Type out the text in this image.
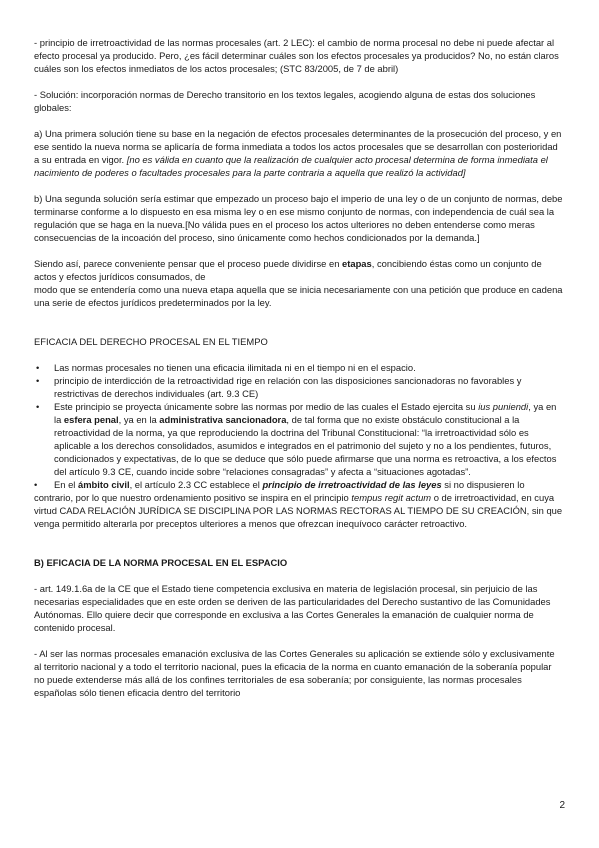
- principio de irretroactividad de las normas procesales (art. 2 LEC): el cambio de norma procesal no debe ni puede afectar al efecto procesal ya producido. Pero, ¿es fácil determinar cuáles son los efectos procesales ya producidos? No, no están claros cuáles son los efectos inmediatos de los actos procesales; (STC 83/2005, de 7 de abril)

- Solución: incorporación normas de Derecho transitorio en los textos legales, acogiendo alguna de estas dos soluciones globales:

a) Una primera solución tiene su base en la negación de efectos procesales determinantes de la prosecución del proceso, y en ese sentido la nueva norma se aplicaría de forma inmediata a todos los actos procesales que se desarrollan con posterioridad a su entrada en vigor. [no es válida en cuanto que la realización de cualquier acto procesal determina de forma inmediata el nacimiento de poderes o facultades procesales para la parte contraria a aquella que realizó la actividad]

b) Una segunda solución sería estimar que empezado un proceso bajo el imperio de una ley o de un conjunto de normas, debe terminarse conforme a lo dispuesto en esa misma ley o en ese mismo conjunto de normas, con independencia de cuál sea la regulación que se haga en la nueva.[No válida pues en el proceso los actos ulteriores no deben entenderse como meras consecuencias de la incoación del proceso, sino únicamente como hechos condicionados por la demanda.]

Siendo así, parece conveniente pensar que el proceso puede dividirse en etapas, concibiendo éstas como un conjunto de actos y efectos jurídicos consumados, de
modo que se entendería como una nueva etapa aquella que se inicia necesariamente con una petición que produce en cadena una serie de efectos jurídicos predeterminados por la ley.

EFICACIA DEL DERECHO PROCESAL EN EL TIEMPO

• Las normas procesales no tienen una eficacia ilimitada ni en el tiempo ni en el espacio.
• principio de interdicción de la retroactividad rige en relación con las disposiciones sancionadoras no favorables y restrictivas de derechos individuales (art. 9.3 CE)
• Este principio se proyecta únicamente sobre las normas por medio de las cuales el Estado ejercita su ius puniendi, ya en la esfera penal, ya en la administrativa sancionadora, de tal forma que no existe obstáculo constitucional a la retroactividad de la norma, ya que reproduciendo la doctrina del Tribunal Constitucional: “la irretroactividad sólo es aplicable a los derechos consolidados, asumidos e integrados en el patrimonio del sujeto y no a los pendientes, futuros, condicionados y expectativas, de lo que se deduce que sólo puede afirmarse que una norma es retroactiva, a los efectos del artículo 9.3 CE, cuando incide sobre “relaciones consagradas” y afecta a “situaciones agotadas”.
• En el ámbito civil, el artículo 2.3 CC establece el principio de irretroactividad de las leyes si no dispusieren lo contrario, por lo que nuestro ordenamiento positivo se inspira en el principio tempus regit actum o de irretroactividad, en cuya virtud CADA RELACIÓN JURÍDICA SE DISCIPLINA POR LAS NORMAS RECTORAS AL TIEMPO DE SU CREACIÓN, sin que venga permitido alterarla por preceptos ulteriores a menos que ofrezcan inequívoco carácter retroactivo.

B) EFICACIA DE LA NORMA PROCESAL EN EL ESPACIO

- art. 149.1.6a de la CE que el Estado tiene competencia exclusiva en materia de legislación procesal, sin perjuicio de las necesarias especialidades que en este orden se deriven de las particularidades del Derecho sustantivo de las Comunidades Autónomas. Ello quiere decir que corresponde en exclusiva a las Cortes Generales la emanación de cualquier norma de contenido procesal.

- Al ser las normas procesales emanación exclusiva de las Cortes Generales su aplicación se extiende sólo y exclusivamente al territorio nacional y a todo el territorio nacional, pues la eficacia de la norma en cuanto emanación de la soberanía popular no puede extenderse más allá de los confines territoriales de esa soberanía; por consiguiente, las normas procesales españolas sólo tienen eficacia dentro del territorio

2
